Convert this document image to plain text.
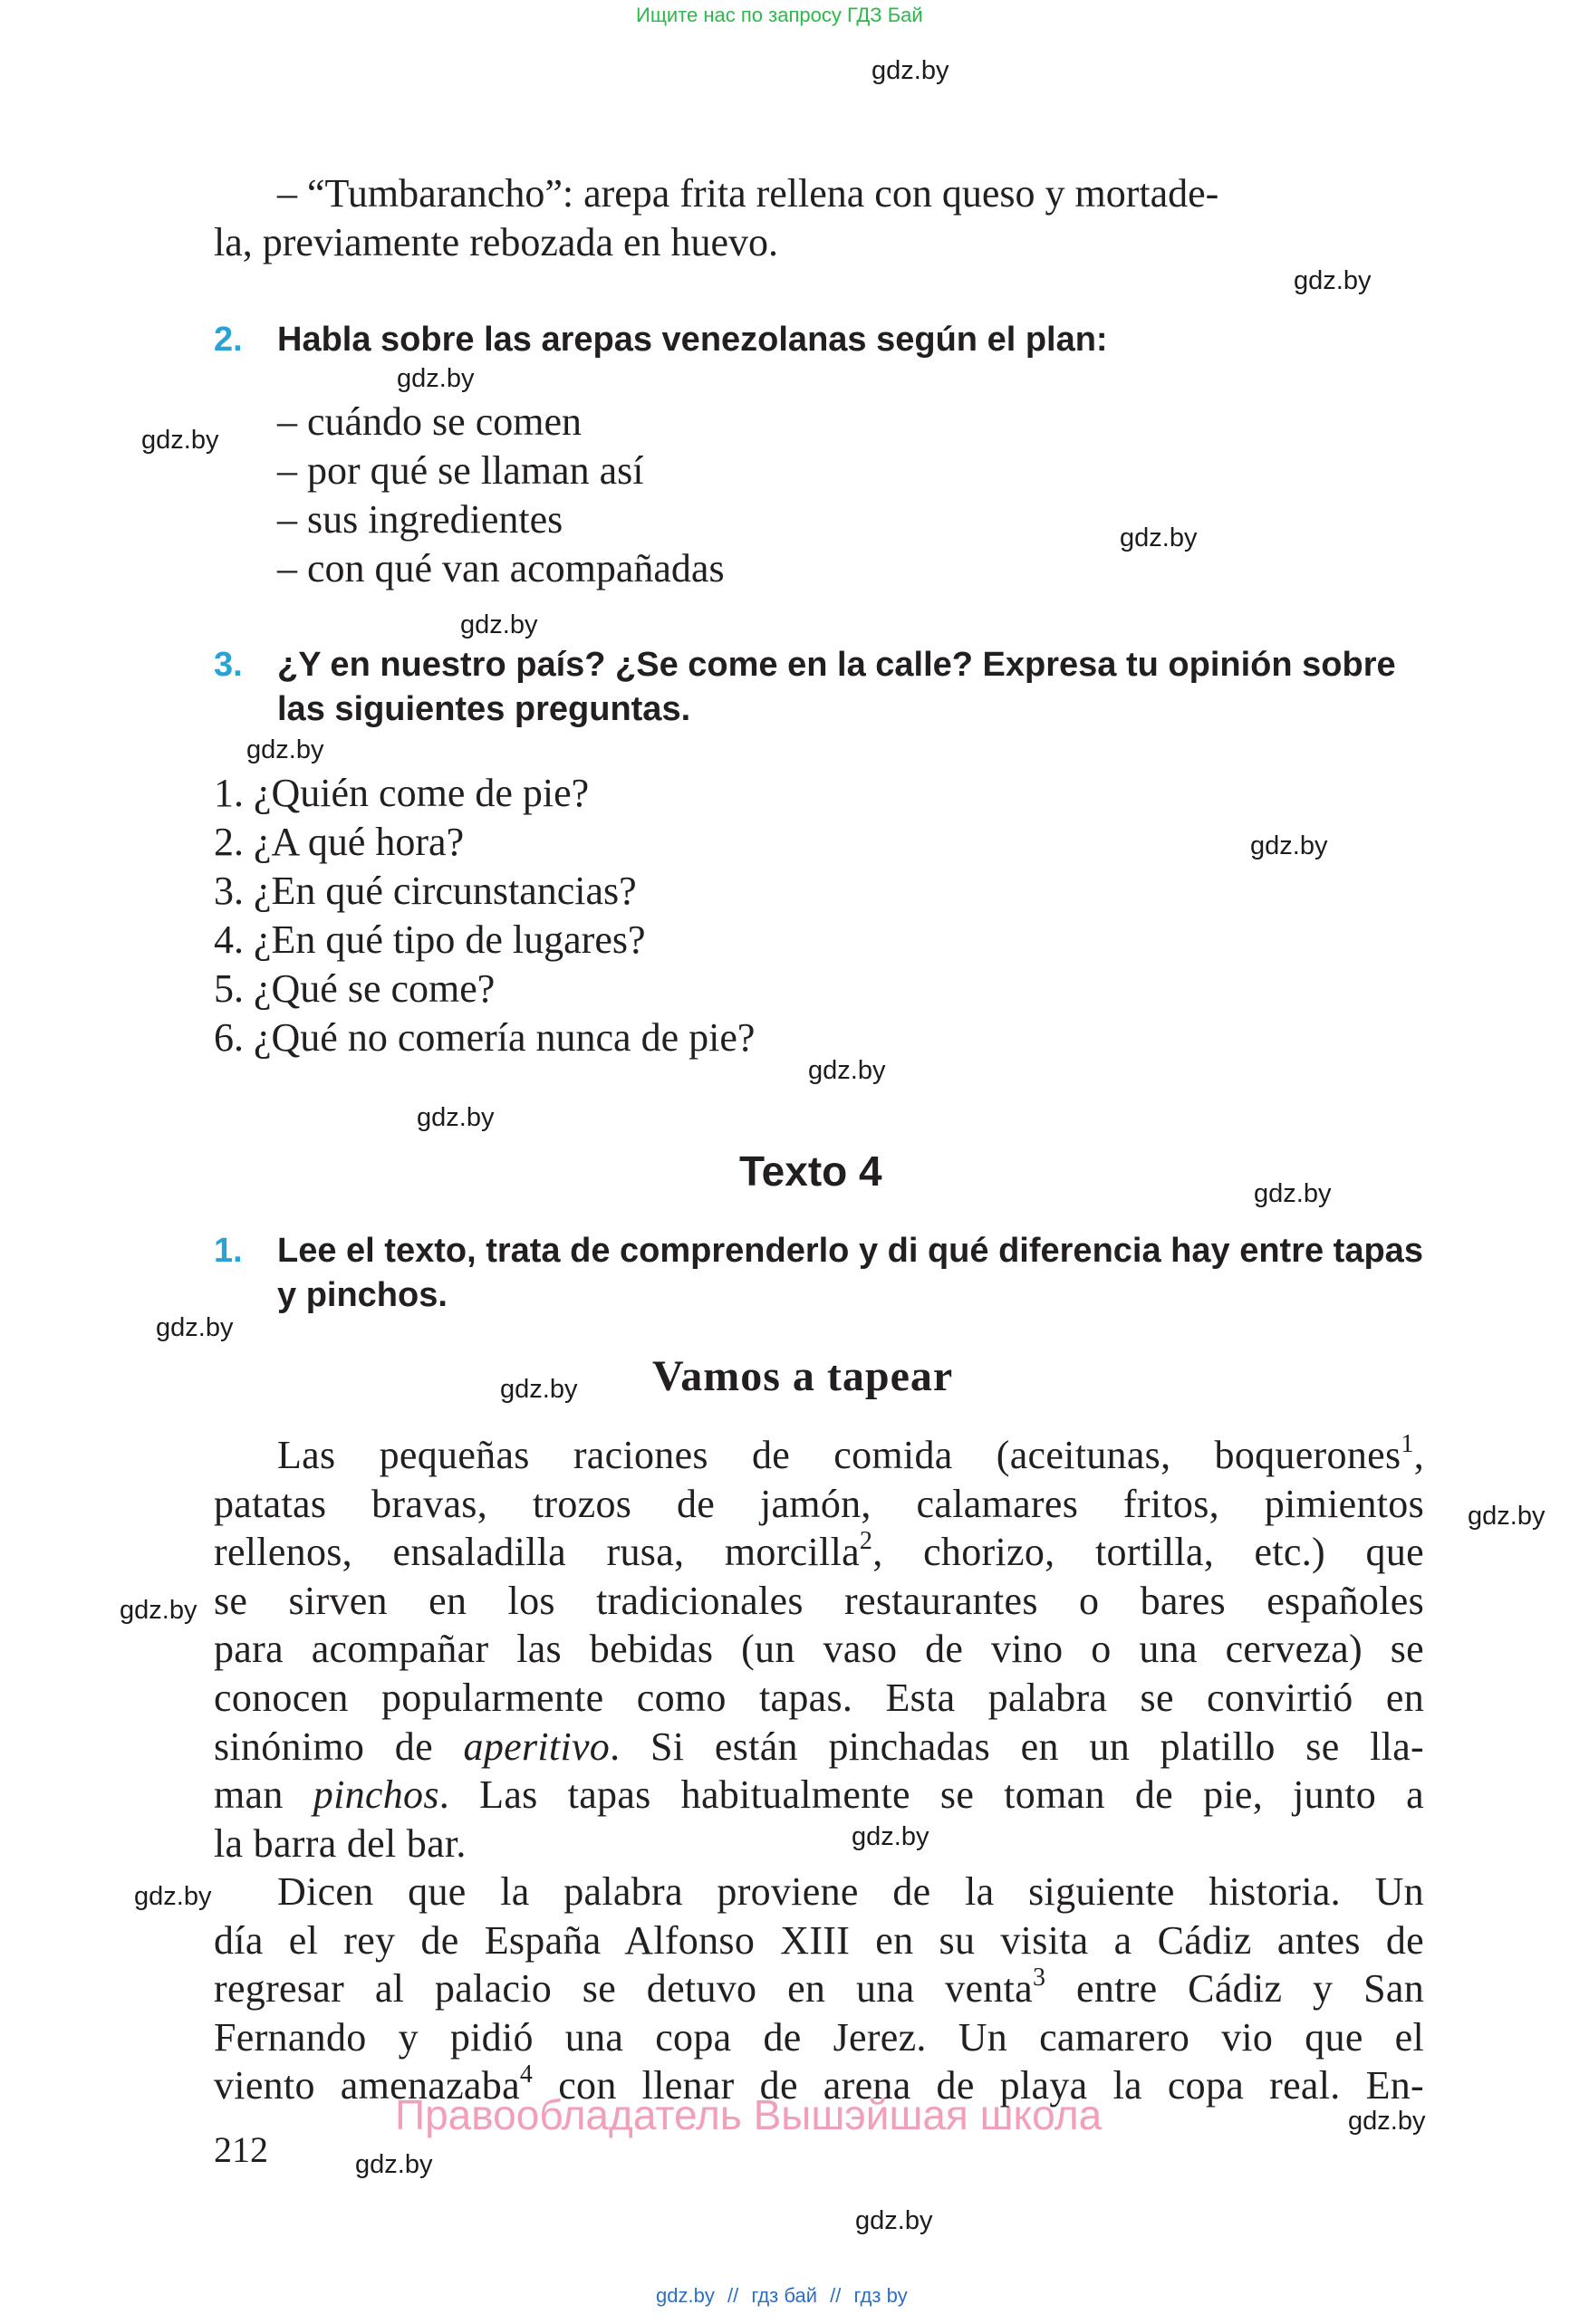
Ищите нас по запросу ГДЗ Бай
gdz.by
gdz.by
gdz.by
gdz.by
gdz.by
gdz.by
gdz.by
gdz.by
gdz.by
gdz.by
gdz.by
gdz.by
gdz.by
gdz.by
gdz.by
gdz.by
gdz.by
gdz.by
gdz.by
gdz.by
– “Tumbarancho”: arepa frita rellena con queso y mortade-
la, previamente rebozada en huevo.
2. Habla sobre las arepas venezolanas según el plan:
– cuándo se comen
– por qué se llaman así
– sus ingredientes
– con qué van acompañadas
3. ¿Y en nuestro país? ¿Se come en la calle? Expresa tu opinión sobre las siguientes preguntas.
1. ¿Quién come de pie?
2. ¿A qué hora?
3. ¿En qué circunstancias?
4. ¿En qué tipo de lugares?
5. ¿Qué se come?
6. ¿Qué no comería nunca de pie?
Texto 4
1. Lee el texto, trata de comprenderlo y di qué diferencia hay entre tapas y pinchos.
Vamos a tapear
Las pequeñas raciones de comida (aceitunas, boquerones$^1$,
patatas bravas, trozos de jamón, calamares fritos, pimientos
rellenos, ensaladilla rusa, morcilla$^2$, chorizo, tortilla, etc.) que
se sirven en los tradicionales restaurantes o bares españoles
para acompañar las bebidas (un vaso de vino o una cerveza) se
conocen popularmente como tapas. Esta palabra se convirtió en
sinónimo de aperitivo. Si están pinchadas en un platillo se lla-
man pinchos. Las tapas habitualmente se toman de pie, junto a
la barra del bar.
Dicen que la palabra proviene de la siguiente historia. Un
día el rey de España Alfonso XIII en su visita a Cádiz antes de
regresar al palacio se detuvo en una venta$^3$ entre Cádiz y San
Fernando y pidió una copa de Jerez. Un camarero vio que el
viento amenazaba$^4$ con llenar de arena de playa la copa real. En-
Правообладатель Вышэйшая школа
212
gdz.by // гдз бай // гдз by
